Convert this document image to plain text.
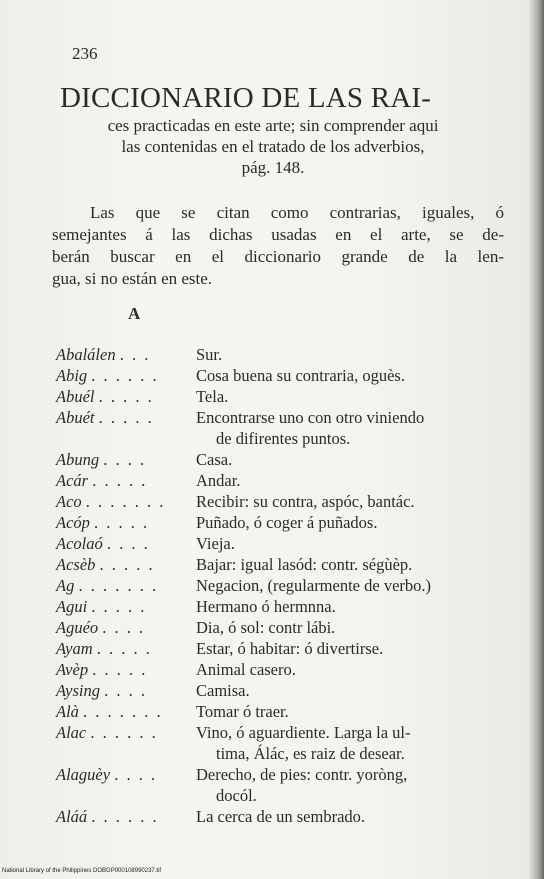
236
DICCIONARIO DE LAS RAI-
ces practicadas en este arte; sin comprender aqui
las contenidas en el tratado de los adverbios,
pág. 148.
Las que se citan como contrarias, iguales, ó
semejantes á las dichas usadas en el arte, se de-
berán buscar en el diccionario grande de la len-
gua, si no están en este.
A
Abalálen . . .	Sur.
Abig . . . . . . Cosa buena su contraria, oguès.
Abuél . . . . .	Tela.
Abuét . . . . .	Encontrarse uno con otro viniendo
de difirentes puntos.
Abung . . . .	Casa.
Acár . . . . .	Andar.
Aco . . . . . . . Recibir: su contra, aspóc, bantác.
Acóp . . . . .	Puñado, ó coger á puñados.
Acolaó . . . .	Vieja.
Acsèb . . . . .	Bajar: igual lasód: contr. ségùèp.
Ag . . . . . . . Negacion, (regularmente de verbo.)
Agui . . . . .	Hermano ó hermnna.
Aguéo . . . .	Dia, ó sol: contr lábi.
Ayam . . . . .	Estar, ó habitar: ó divertirse.
Avèp . . . . .	Animal casero.
Aysing . . . .	Camisa.
Alà . . . . . . . Tomar ó traer.
Alac . . . . . . Vino, ó aguardiente. Larga la ul-
tima, Álác, es raiz de desear.
Alaguèy . . . . Derecho, de pies: contr. yoròng,
docól.
Aláá . . . . . . La cerca de un sembrado.
National Library of the Philippines DOBGP000108990237.tif
